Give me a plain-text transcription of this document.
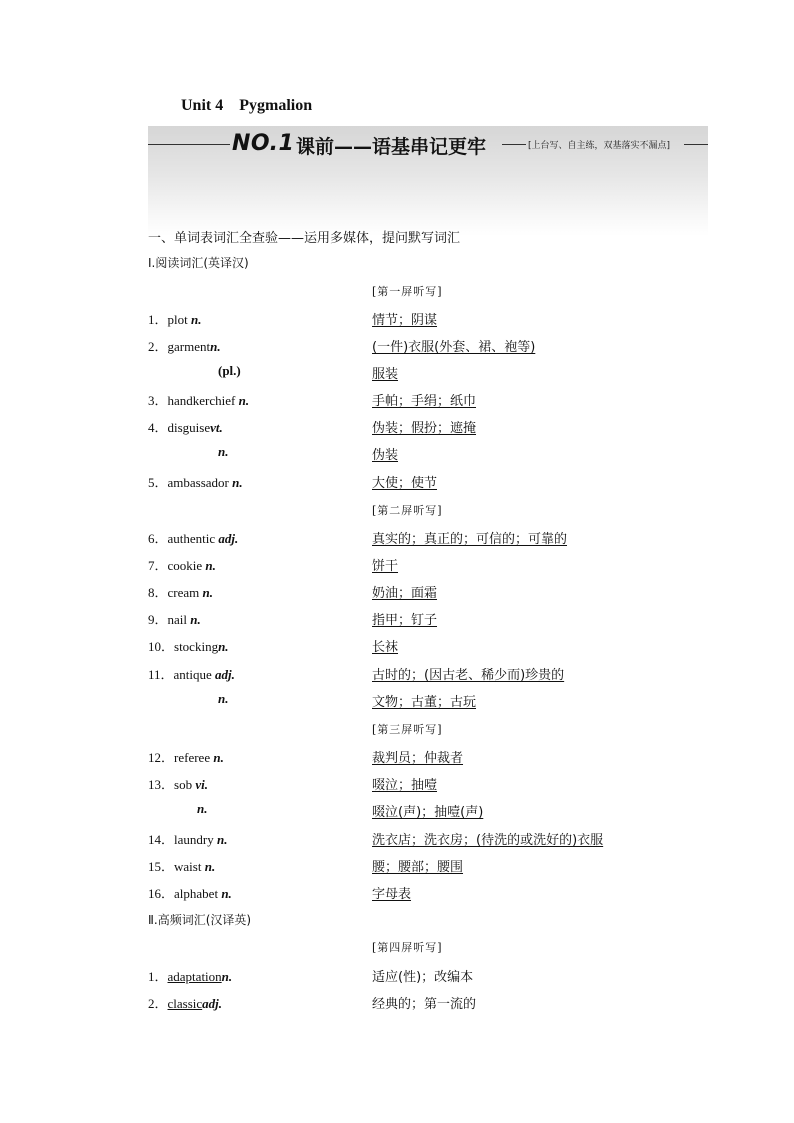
Unit 4 Pygmalion
NO.1 课前——语基串记更牢	[上台写、自主练，双基落实不漏点]
一、单词表词汇全查验——运用多媒体，提问默写词汇
Ⅰ.阅读词汇(英译汉)
[第一屏听写]
1．plot n.	情节；阴谋
2．garmentn.	(一件)衣服(外套、裙、袍等)
(pl.)	服装
3．handkerchief n.	手帕；手绢；纸巾
4．disguisevt.	伪装；假扮；遮掩
n.	伪装
5．ambassador n.	大使；使节
[第二屏听写]
6．authentic adj.	真实的；真正的；可信的；可靠的
7．cookie n.	饼干
8．cream n.	奶油；面霜
9．nail n.	指甲；钉子
10．stockingn.	长袜
11．antique adj.	古时的；(因古老、稀少而)珍贵的
n.	文物；古董；古玩
[第三屏听写]
12．referee n.	裁判员；仲裁者
13．sob vi.	啜泣；抽噎
n.	啜泣(声)；抽噎(声)
14．laundry n.	洗衣店；洗衣房；(待洗的或洗好的)衣服
15．waist n.	腰；腰部；腰围
16．alphabet n.	字母表
Ⅱ.高频词汇(汉译英)
[第四屏听写]
1．adaptationn.	适应(性)；改编本
2．classicadj.	经典的；第一流的
